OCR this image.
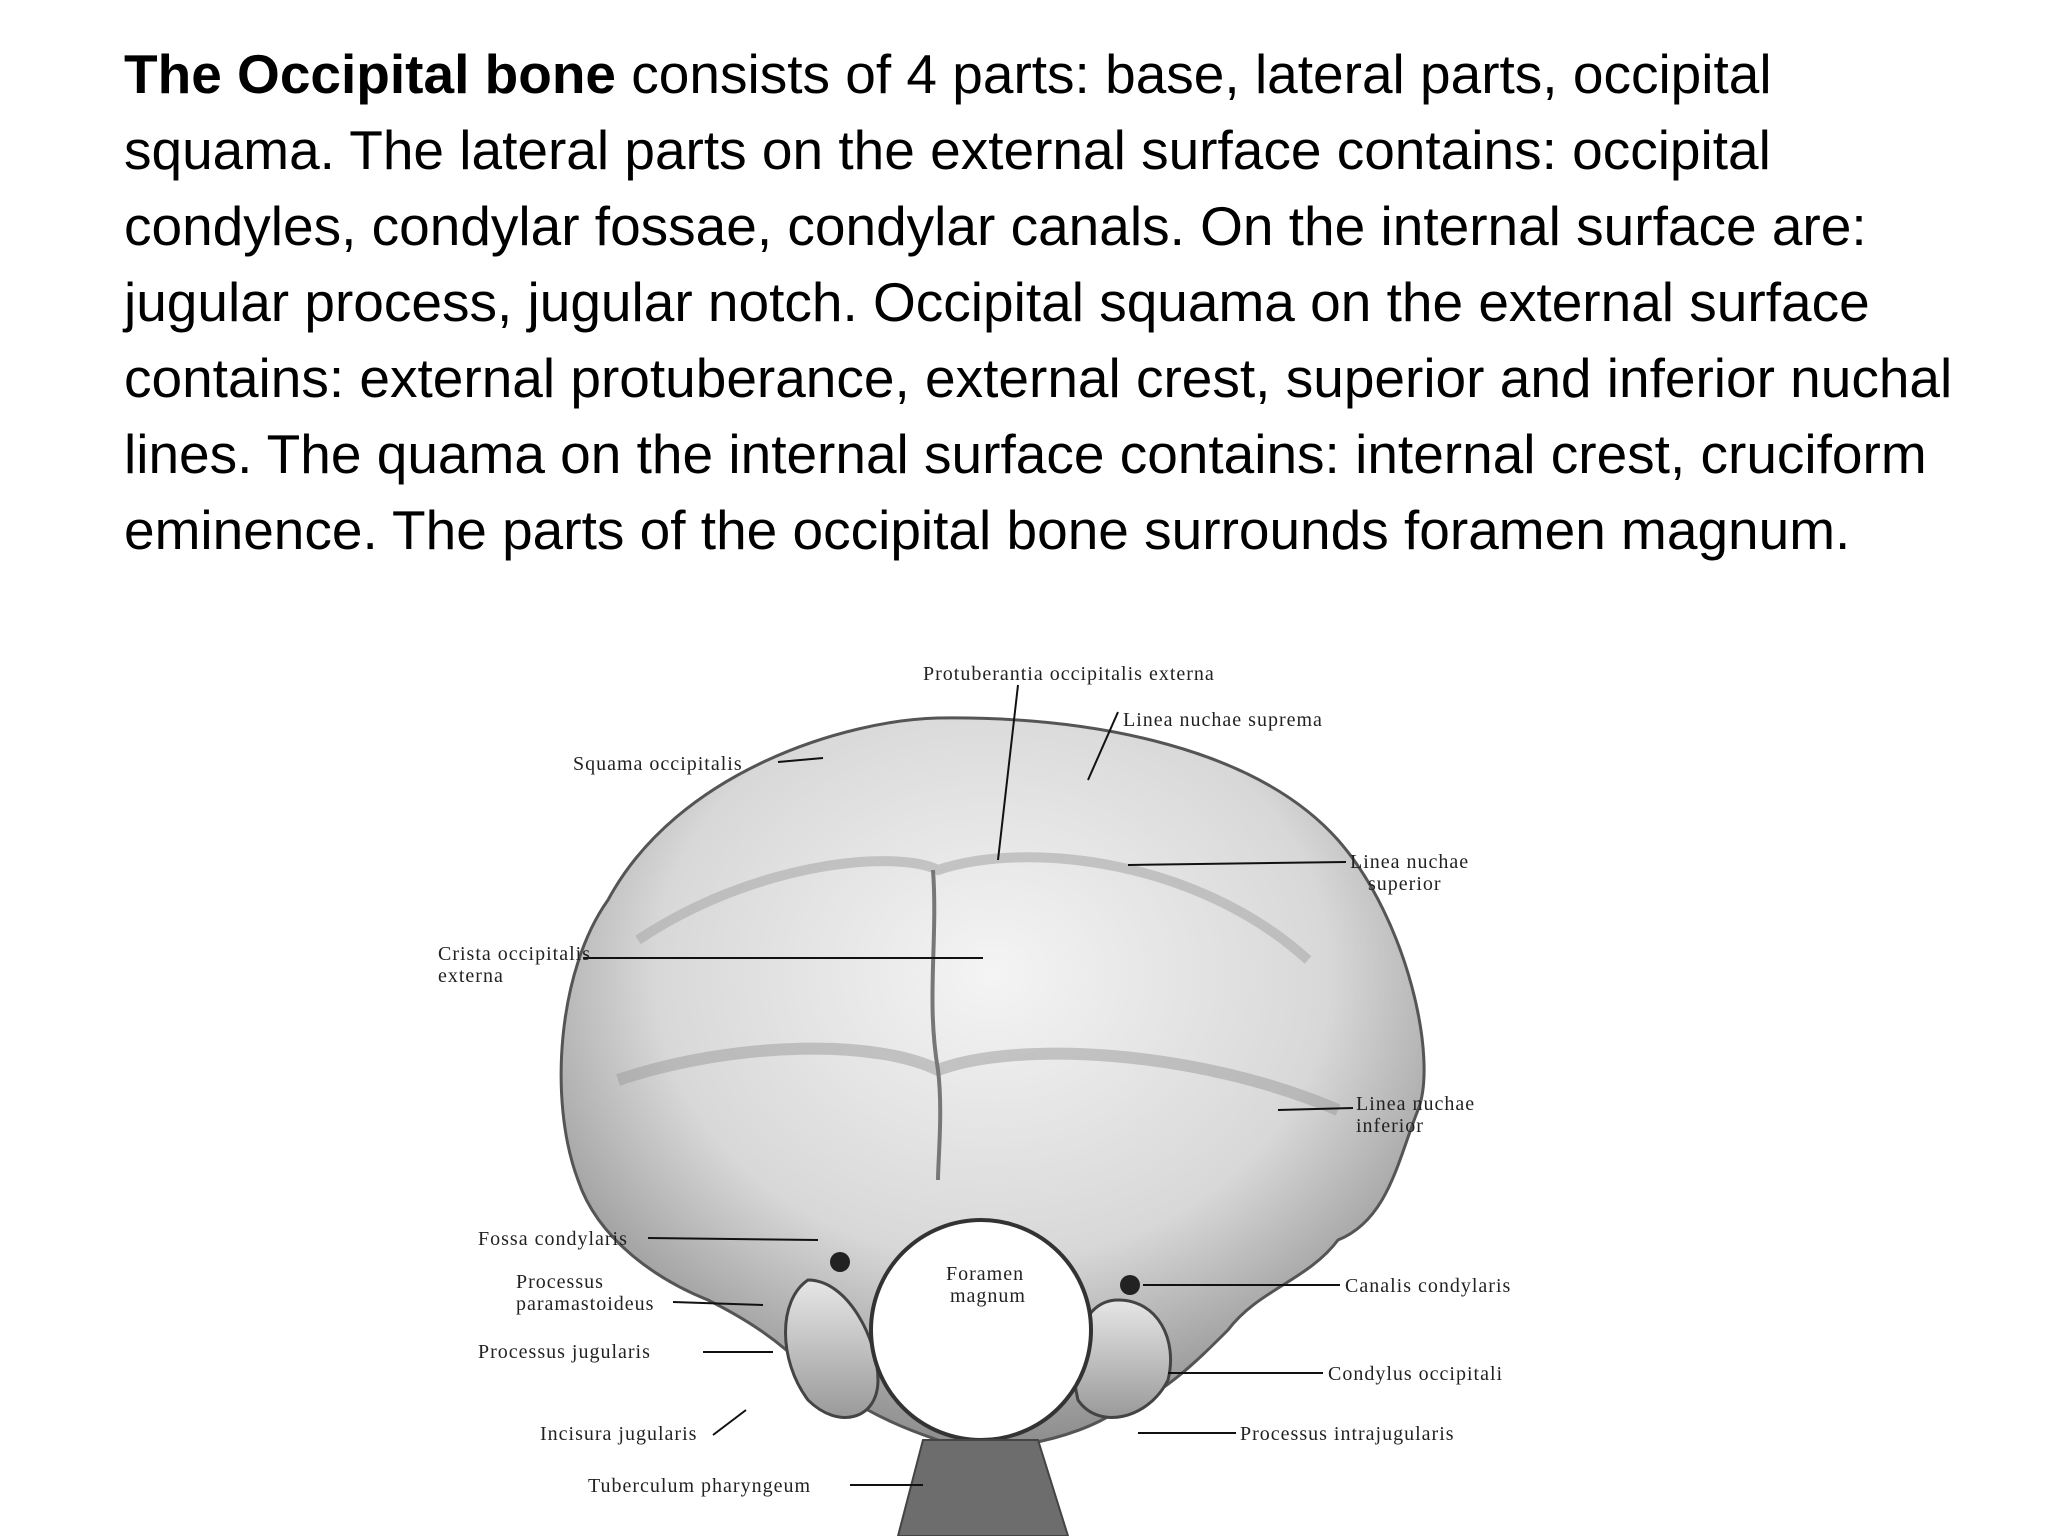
The Occipital bone consists of 4 parts: base, lateral parts, occipital squama. The lateral parts on the external surface contains: occipital condyles, condylar fossae, condylar canals. On the internal surface are: jugular process, jugular notch. Occipital squama on the external surface contains: external protuberance, external crest, superior and inferior nuchal lines. The quama on the internal surface contains: internal crest, cruciform eminence. The parts of the occipital bone surrounds foramen magnum.
Protuberantia occipitalis externa
Linea nuchae suprema
Squama occipitalis
Linea nuchae
superior
Crista occipitalis
externa
Linea nuchae
inferior
Fossa condylaris
Processus
paramastoideus
Foramen
magnum	Canalis condylaris
Processus jugularis
Condylus occipitali
Incisura jugularis	Processus intrajugularis
Tuberculum pharyngeum
